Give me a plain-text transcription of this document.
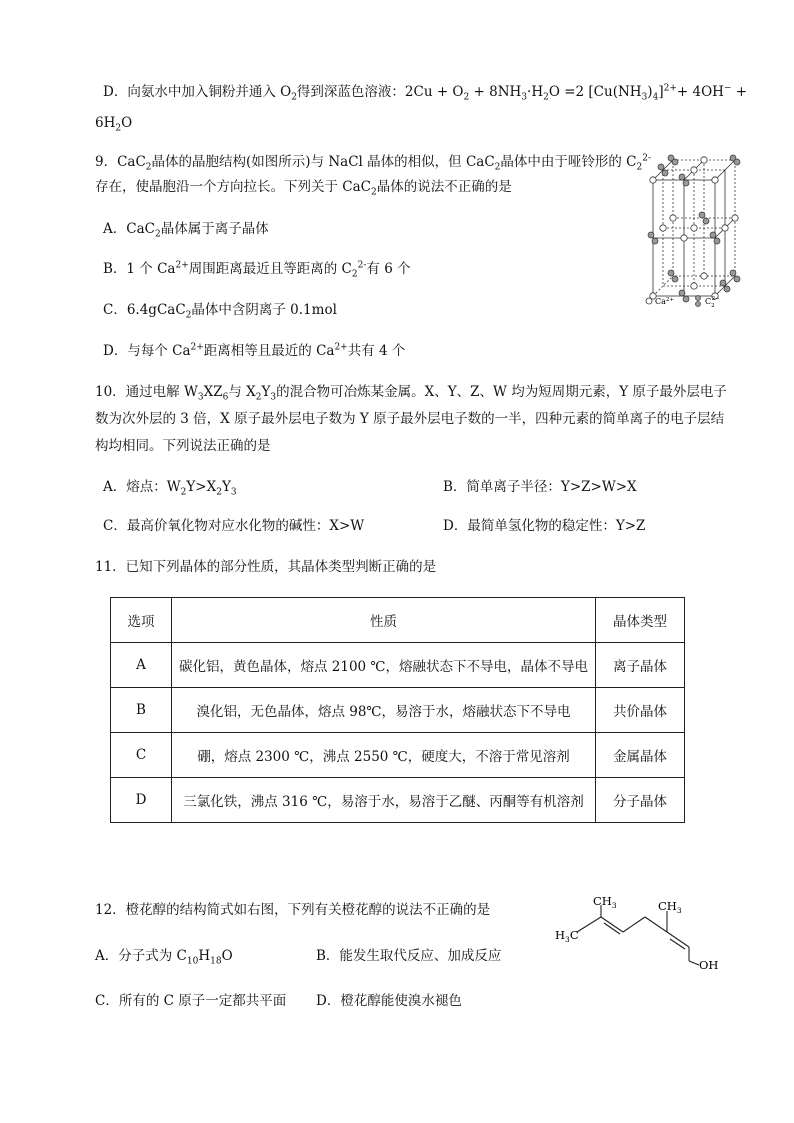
D．向氨水中加入铜粉并通入 $O_2$得到深蓝色溶液：$2Cu + O_2 + 8NH_3\cdot H_2O =2$ $[Cu(NH_3)_4]^{2+}+ 4OH^-$ +
$6H_2O$
9．CaC$_2$晶体的晶胞结构(如图所示)与 NaCl 晶体的相似，但 CaC$_2$晶体中由于哑铃形的 $C_2^{2-}$
存在，使晶胞沿一个方向拉长。下列关于 CaC$_2$晶体的说法不正确的是
A．CaC$_2$晶体属于离子晶体
B．1 个 $Ca^{2+}$周围距离最近且等距离的 $C_2^{2-}$有 6 个
C．6.4gCaC$_2$晶体中含阴离子 0.1mol
D．与每个 $Ca^{2+}$距离相等且最近的 $Ca^{2+}$共有 4 个
$Ca^{2+}$	$C_22-$
10．通过电解 $W_3XZ_6$与 $X_2Y_3$的混合物可冶炼某金属。X、Y、Z、W 均为短周期元素，Y 原子最外层电子
数为次外层的 3 倍，X 原子最外层电子数为 Y 原子最外层电子数的一半，四种元素的简单离子的电子层结
构均相同。下列说法正确的是
A．熔点：$W_2Y>X_2Y_3$	B．简单离子半径：Y>Z>W>X
C．最高价氧化物对应水化物的碱性：X>W	D．最简单氢化物的稳定性：Y>Z
11．已知下列晶体的部分性质，其晶体类型判断正确的是
选项	性质	晶体类型
A	碳化铝，黄色晶体，熔点 2100 ℃，熔融状态下不导电，晶体不导电	离子晶体
B	溴化铝，无色晶体，熔点 98℃，易溶于水，熔融状态下不导电	共价晶体
C	硼，熔点 2300 ℃，沸点 2550 ℃，硬度大，不溶于常见溶剂	金属晶体
D	三氯化铁，沸点 316 ℃，易溶于水，易溶于乙醚、丙酮等有机溶剂	分子晶体
12．橙花醇的结构简式如右图，下列有关橙花醇的说法不正确的是
A．分子式为 $C_{10}H_{18}O$	B．能发生取代反应、加成反应
C．所有的 C 原子一定都共平面 D．橙花醇能使溴水褪色
$CH_3$	$CH_3$
$H_3C$
OH
